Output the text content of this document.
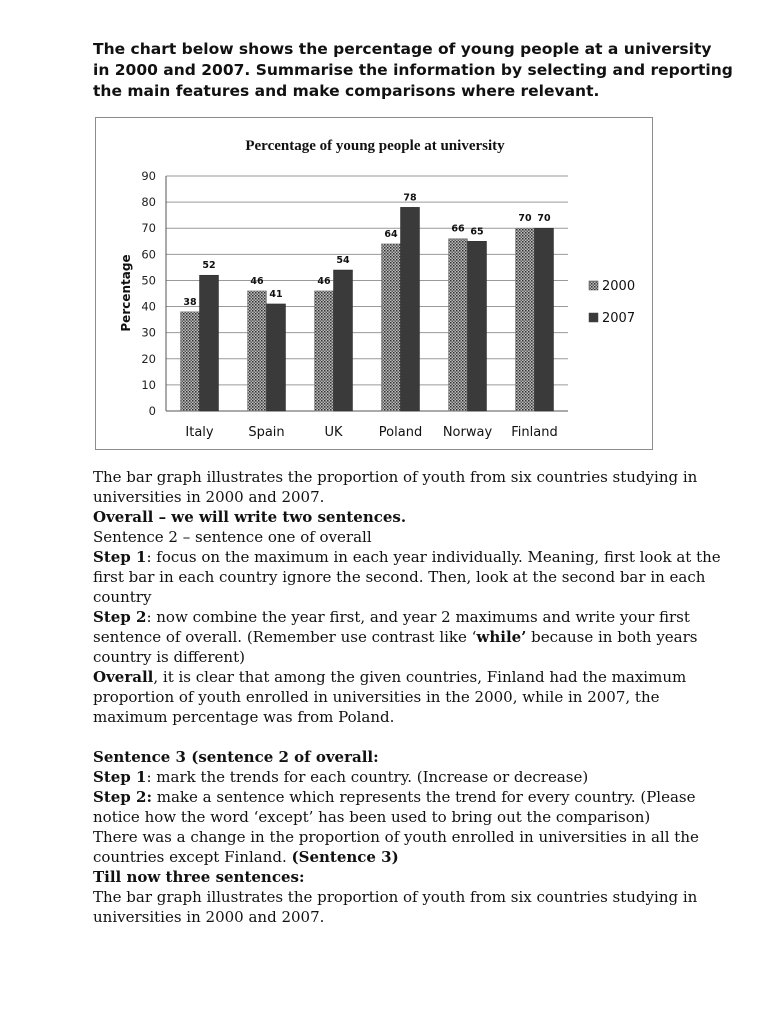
The chart below shows the percentage of young people at a university in 2000 and 2007. Summarise the information by selecting and reporting the main features and make comparisons where relevant.
Percentage of young people at university
Percentage
0
10
20
30
40
50
60
70
80
90
38
52
46
41
46
54
64
78
66 65
70 70
Italy	Spain	UK	Poland Norway Finland
2000
2007

The bar graph illustrates the proportion of youth from six countries studying in universities in 2000 and 2007.

Overall – we will write two sentences.

Sentence 2 – sentence one of overall

Step 1: focus on the maximum in each year individually. Meaning, first look at the first bar in each country ignore the second. Then, look at the second bar in each country

Step 2: now combine the year first, and year 2 maximums and write your first sentence of overall. (Remember use contrast like ‘while’ because in both years country is different)

Overall, it is clear that among the given countries, Finland had the maximum proportion of youth enrolled in universities in the 2000, while in 2007, the maximum percentage was from Poland.

Sentence 3 (sentence 2 of overall:

Step 1: mark the trends for each country. (Increase or decrease)

Step 2: make a sentence which represents the trend for every country. (Please notice how the word ‘except’ has been used to bring out the comparison)

There was a change in the proportion of youth enrolled in universities in all the countries except Finland. (Sentence 3)

Till now three sentences:

The bar graph illustrates the proportion of youth from six countries studying in universities in 2000 and 2007.
